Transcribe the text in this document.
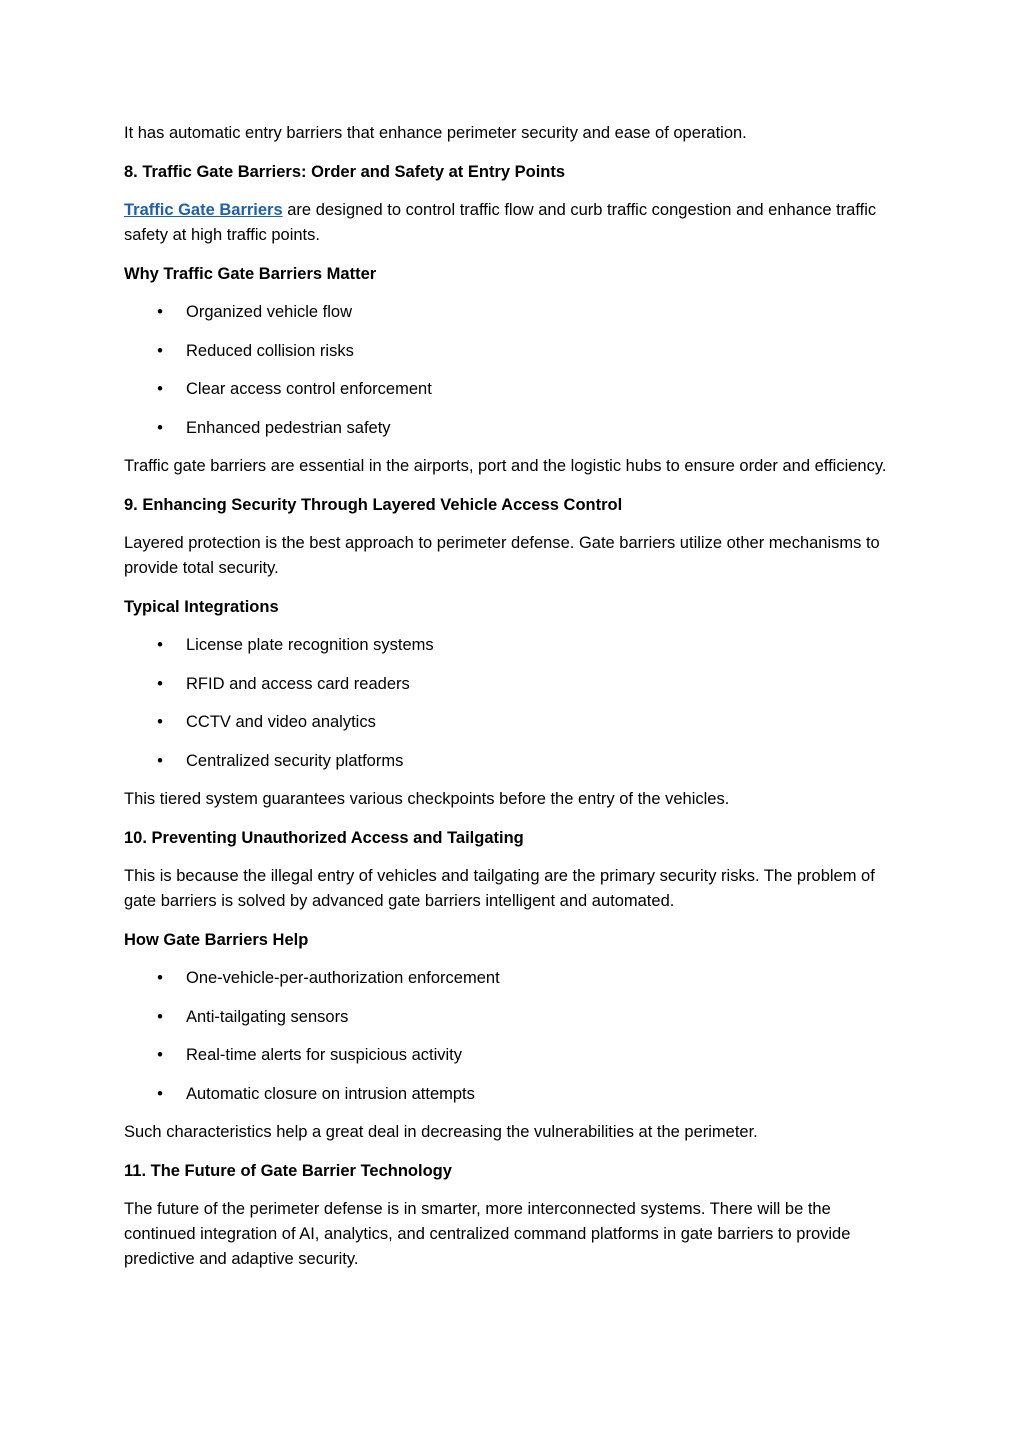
It has automatic entry barriers that enhance perimeter security and ease of operation.

8. Traffic Gate Barriers: Order and Safety at Entry Points

Traffic Gate Barriers are designed to control traffic flow and curb traffic congestion and enhance traffic safety at high traffic points.

Why Traffic Gate Barriers Matter

• Organized vehicle flow
• Reduced collision risks
• Clear access control enforcement
• Enhanced pedestrian safety

Traffic gate barriers are essential in the airports, port and the logistic hubs to ensure order and efficiency.

9. Enhancing Security Through Layered Vehicle Access Control

Layered protection is the best approach to perimeter defense. Gate barriers utilize other mechanisms to provide total security.

Typical Integrations

• License plate recognition systems
• RFID and access card readers
• CCTV and video analytics
• Centralized security platforms

This tiered system guarantees various checkpoints before the entry of the vehicles.

10. Preventing Unauthorized Access and Tailgating

This is because the illegal entry of vehicles and tailgating are the primary security risks. The problem of gate barriers is solved by advanced gate barriers intelligent and automated.

How Gate Barriers Help

• One-vehicle-per-authorization enforcement
• Anti-tailgating sensors
• Real-time alerts for suspicious activity
• Automatic closure on intrusion attempts

Such characteristics help a great deal in decreasing the vulnerabilities at the perimeter.

11. The Future of Gate Barrier Technology

The future of the perimeter defense is in smarter, more interconnected systems. There will be the continued integration of AI, analytics, and centralized command platforms in gate barriers to provide predictive and adaptive security.
